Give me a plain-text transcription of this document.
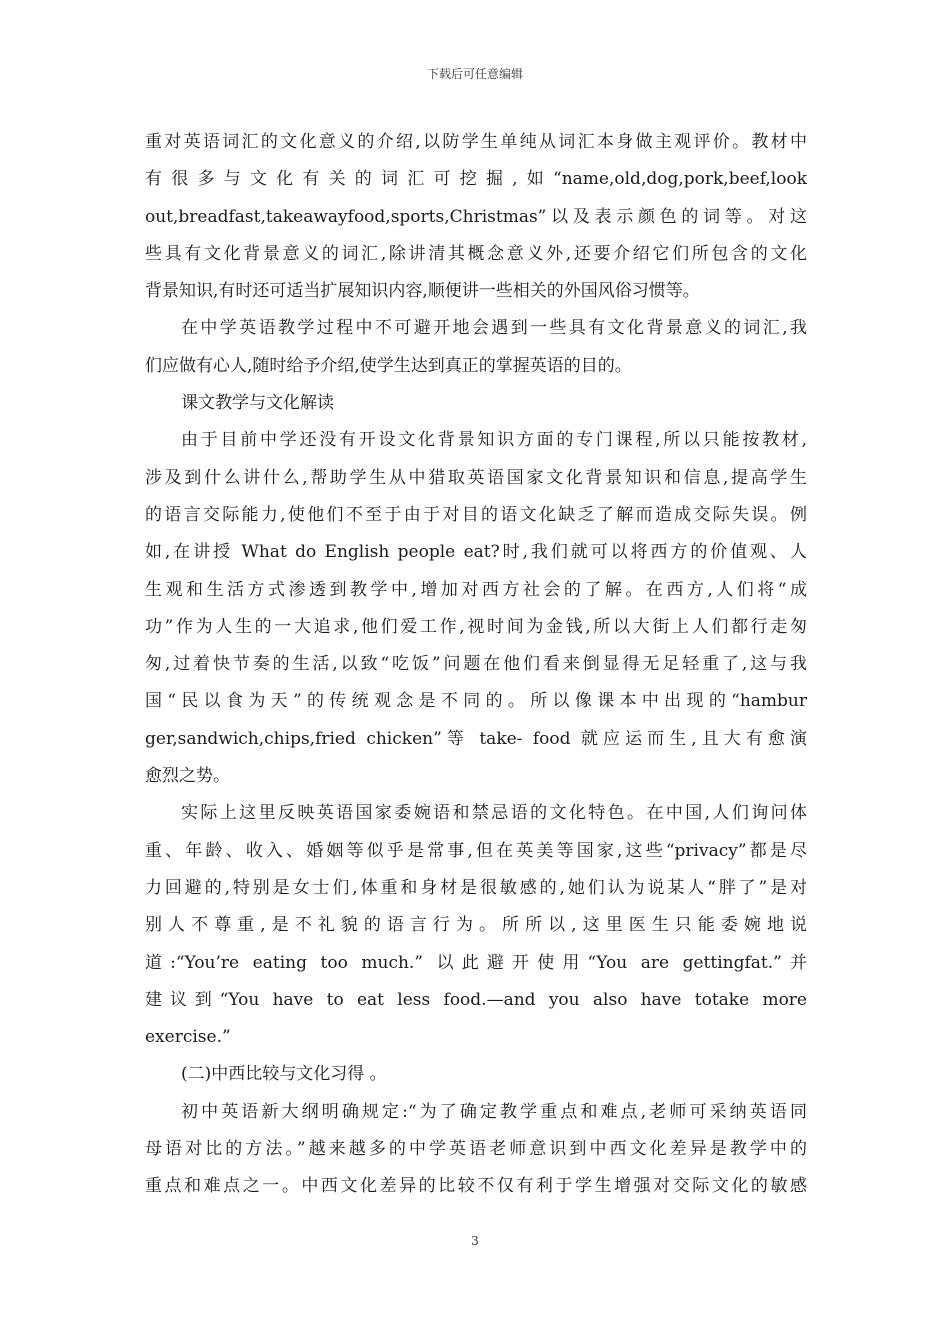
下载后可任意编辑
重对英语词汇的文化意义的介绍,以防学生单纯从词汇本身做主观评价。教材中
有很多与文化有关的词汇可挖掘,如“name,old,dog,pork,beef,look
out,breadfast,takeawayfood,sports,Christmas”以及表示颜色的词等。对这
些具有文化背景意义的词汇,除讲清其概念意义外,还要介绍它们所包含的文化
背景知识,有时还可适当扩展知识内容,顺便讲一些相关的外国风俗习惯等。
在中学英语教学过程中不可避开地会遇到一些具有文化背景意义的词汇,我
们应做有心人,随时给予介绍,使学生达到真正的掌握英语的目的。
课文教学与文化解读
由于目前中学还没有开设文化背景知识方面的专门课程,所以只能按教材,
涉及到什么讲什么,帮助学生从中猎取英语国家文化背景知识和信息,提高学生
的语言交际能力,使他们不至于由于对目的语文化缺乏了解而造成交际失误。例
如,在讲授 What do English people eat?时,我们就可以将西方的价值观、人
生观和生活方式渗透到教学中,增加对西方社会的了解。在西方,人们将“成
功”作为人生的一大追求,他们爱工作,视时间为金钱,所以大街上人们都行走匆
匆,过着快节奏的生活,以致“吃饭”问题在他们看来倒显得无足轻重了,这与我
国“民以食为天”的传统观念是不同的。所以像课本中出现的“hambur
ger,sandwich,chips,fried chicken”等 take- food 就应运而生,且大有愈演
愈烈之势。
实际上这里反映英语国家委婉语和禁忌语的文化特色。在中国,人们询问体
重、年龄、收入、婚姻等似乎是常事,但在英美等国家,这些“privacy”都是尽
力回避的,特别是女士们,体重和身材是很敏感的,她们认为说某人“胖了”是对
别人不尊重,是不礼貌的语言行为。所所以,这里医生只能委婉地说
道:“You’re eating too much.” 以此避开使用“You are gettingfat.”并
建议到“You have to eat less food.—and you also have totake more
exercise.”
(二)中西比较与文化习得 。
初中英语新大纲明确规定:“为了确定教学重点和难点,老师可采纳英语同
母语对比的方法。”越来越多的中学英语老师意识到中西文化差异是教学中的
重点和难点之一。中西文化差异的比较不仅有利于学生增强对交际文化的敏感
3
